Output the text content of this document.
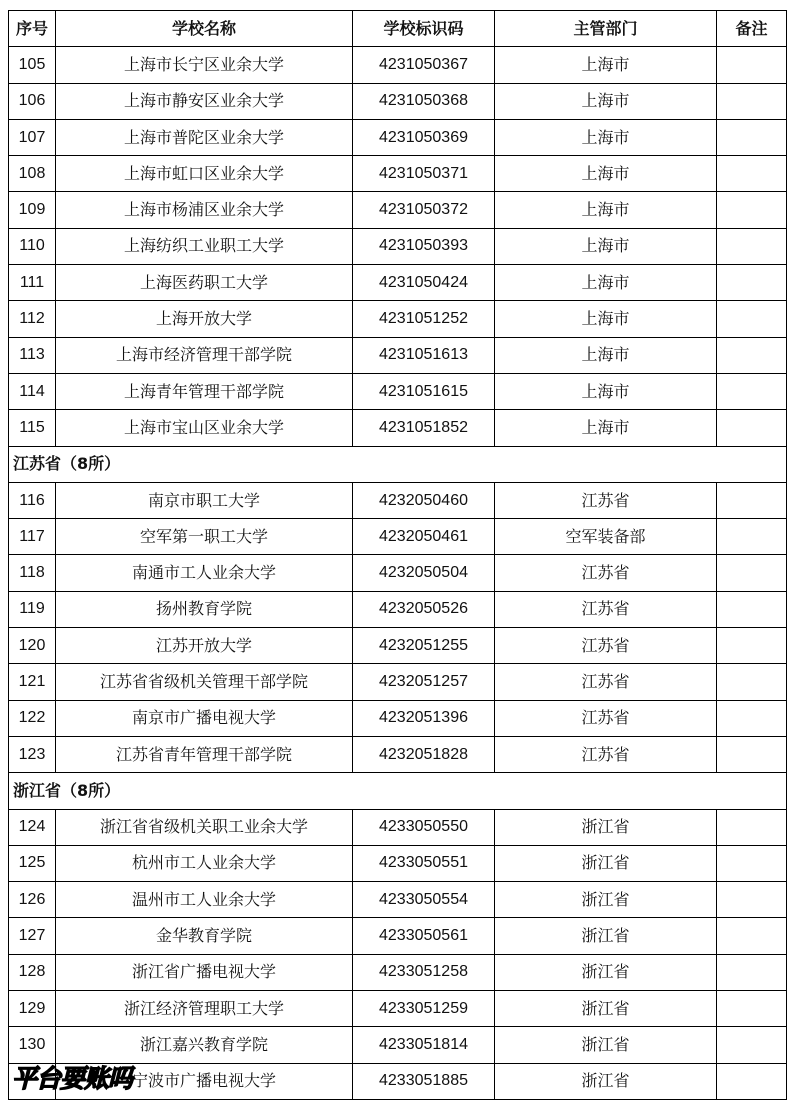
序号	学校名称	学校标识码	主管部门	备注
105	上海市长宁区业余大学	4231050367	上海市	
106	上海市静安区业余大学	4231050368	上海市	
107	上海市普陀区业余大学	4231050369	上海市	
108	上海市虹口区业余大学	4231050371	上海市	
109	上海市杨浦区业余大学	4231050372	上海市	
110	上海纺织工业职工大学	4231050393	上海市	
111	上海医药职工大学	4231050424	上海市	
112	上海开放大学	4231051252	上海市	
113	上海市经济管理干部学院	4231051613	上海市	
114	上海青年管理干部学院	4231051615	上海市	
115	上海市宝山区业余大学	4231051852	上海市	
江苏省（8所）				
116	南京市职工大学	4232050460	江苏省	
117	空军第一职工大学	4232050461	空军装备部	
118	南通市工人业余大学	4232050504	江苏省	
119	扬州教育学院	4232050526	江苏省	
120	江苏开放大学	4232051255	江苏省	
121	江苏省省级机关管理干部学院	4232051257	江苏省	
122	南京市广播电视大学	4232051396	江苏省	
123	江苏省青年管理干部学院	4232051828	江苏省	
浙江省（8所）				
124	浙江省省级机关职工业余大学	4233050550	浙江省	
125	杭州市工人业余大学	4233050551	浙江省	
126	温州市工人业余大学	4233050554	浙江省	
127	金华教育学院	4233050561	浙江省	
128	浙江省广播电视大学	4233051258	浙江省	
129	浙江经济管理职工大学	4233051259	浙江省	
130	浙江嘉兴教育学院	4233051814	浙江省	
	宁波市广播电视大学	4233051885	浙江省	
平台要账吗
